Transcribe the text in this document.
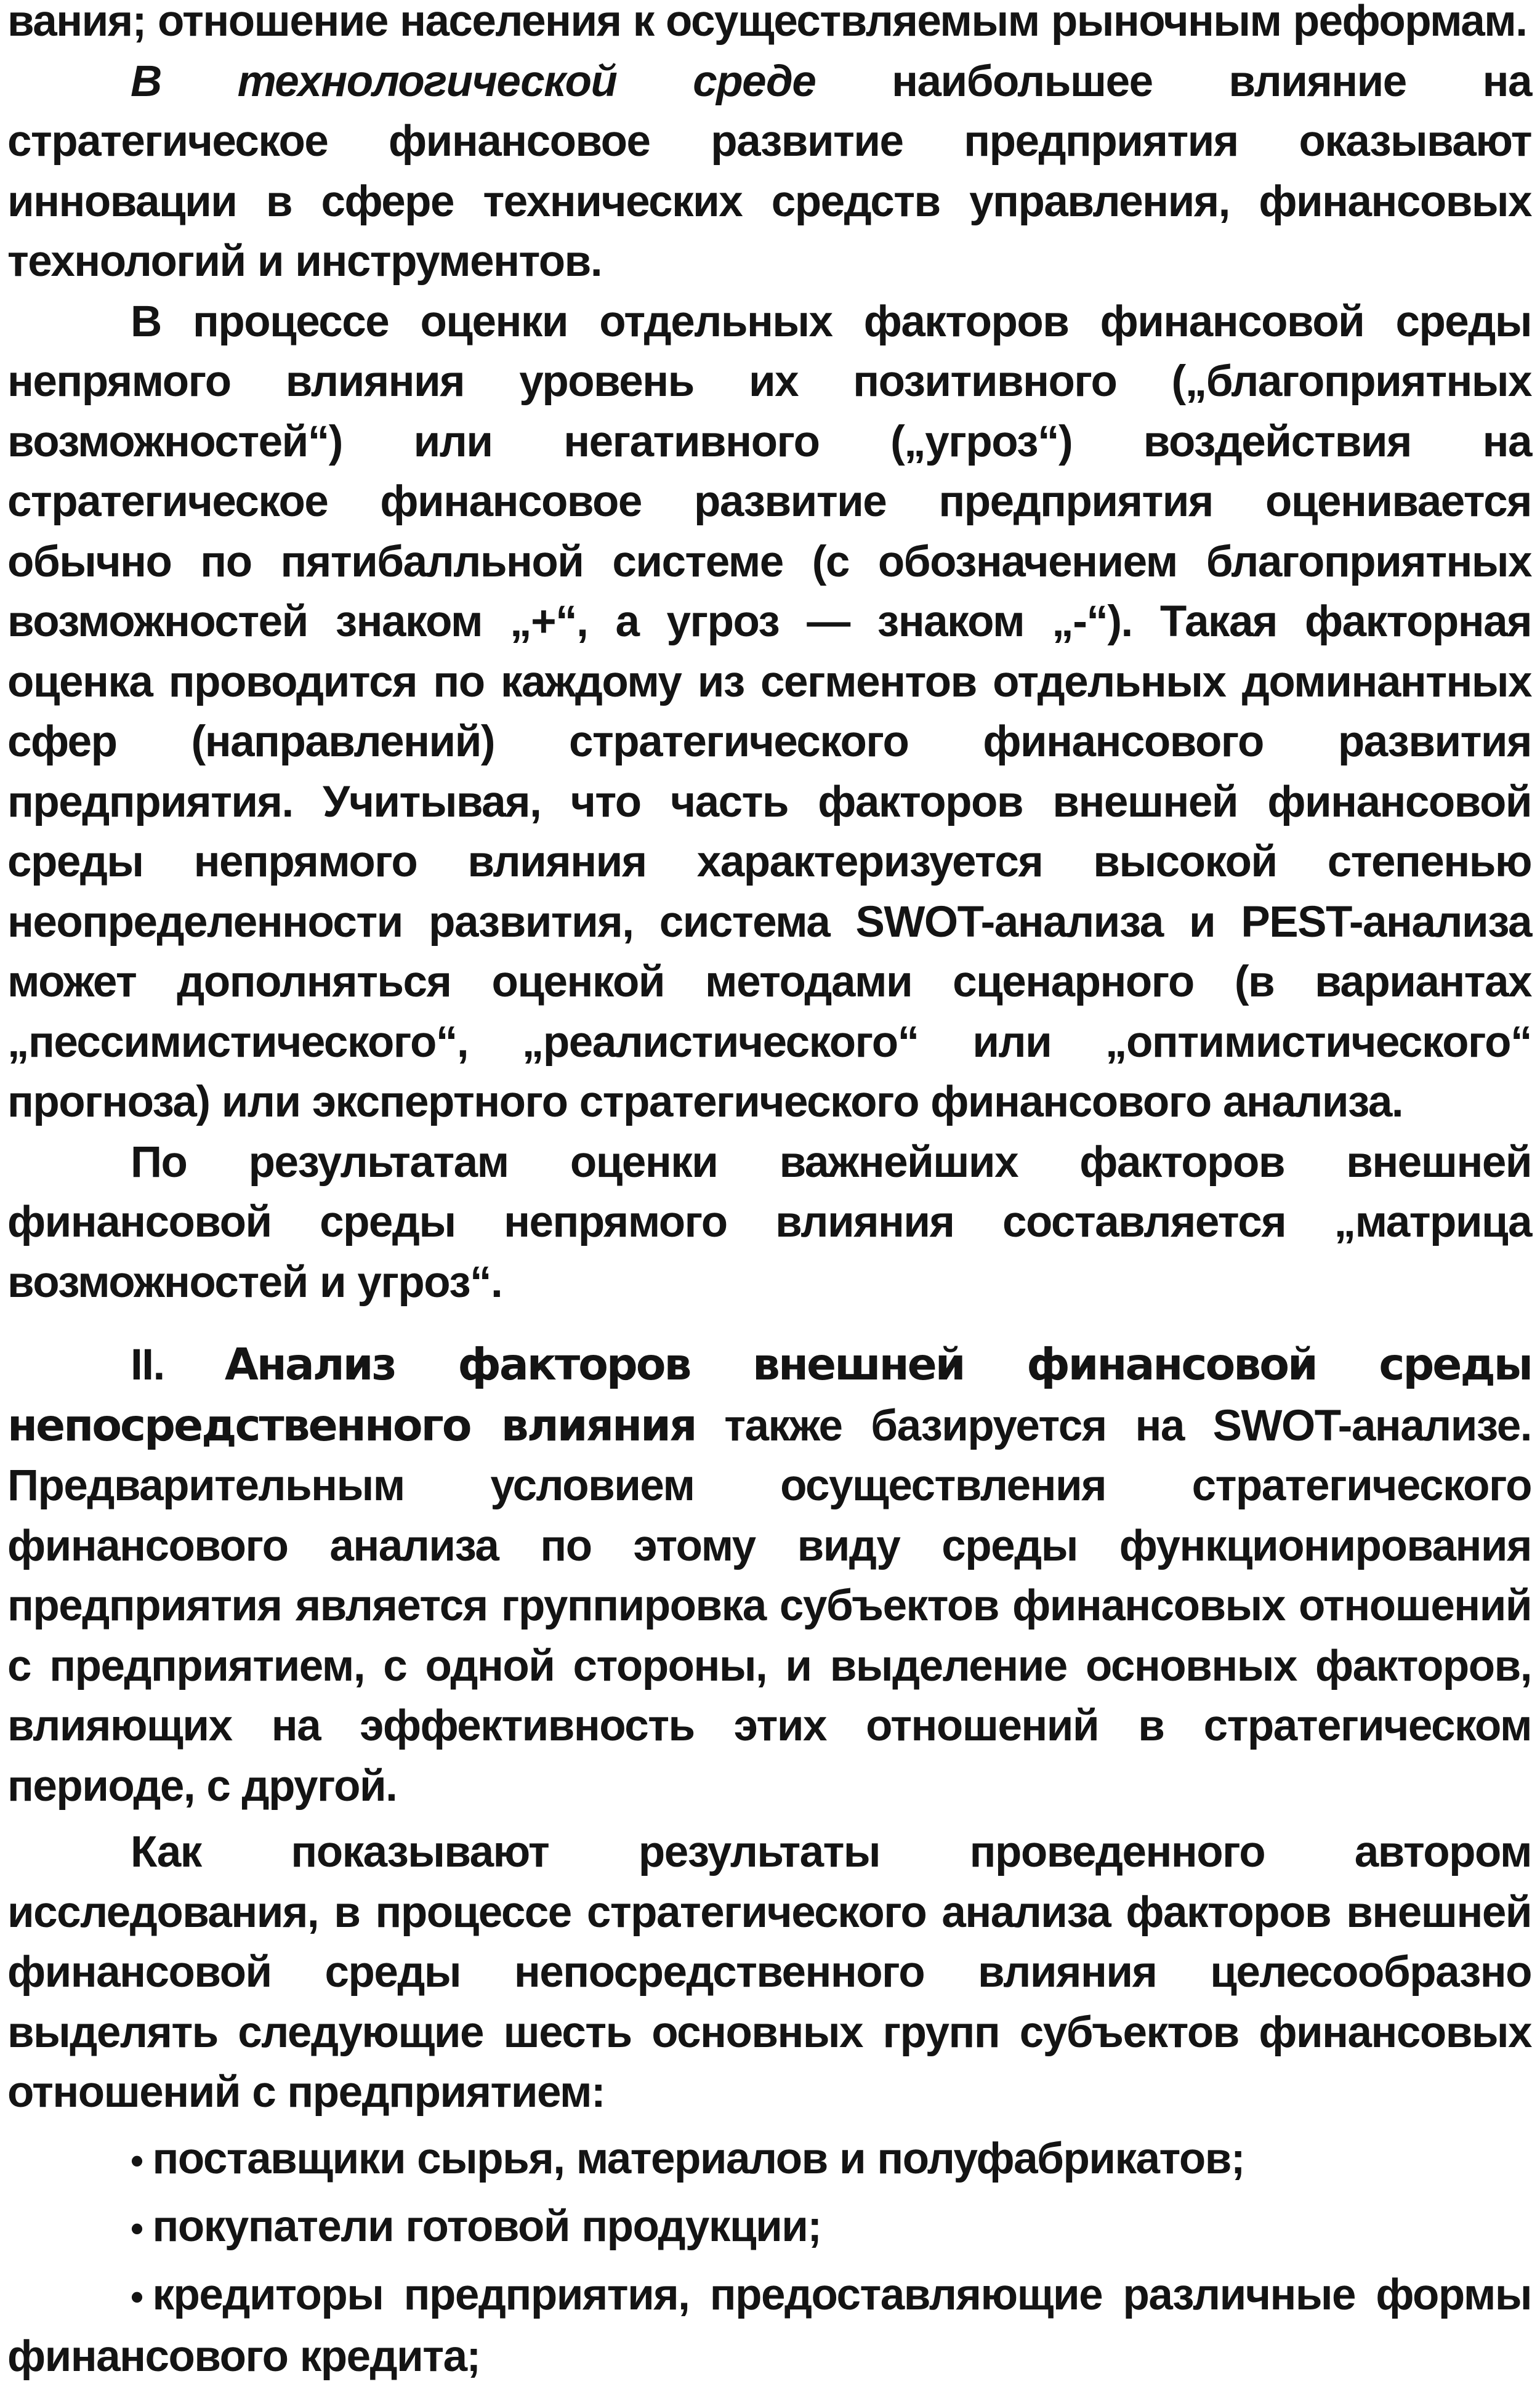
вания; отношение населения к осуществляемым рыночным реформам.

В технологической среде наибольшее влияние на стратегическое финансовое развитие предприятия оказывают инновации в сфере технических средств управления, финансовых технологий и инструментов.

В процессе оценки отдельных факторов финансовой среды непрямого влияния уровень их позитивного („благоприятных возможностей“) или негативного („угроз“) воздействия на стратегическое финансовое развитие предприятия оценивается обычно по пятибалльной системе (с обозначением благоприятных возможностей знаком „+“, а угроз — знаком „-“). Такая факторная оценка проводится по каждому из сегментов отдельных доминантных сфер (направлений) стратегического финансового развития предприятия. Учитывая, что часть факторов внешней финансовой среды непрямого влияния характеризуется высокой степенью неопределенности развития, система SWOT-анализа и PEST-анализа может дополняться оценкой методами сценарного (в вариантах „пессимистического“, „реалистического“ или „оптимистического“ прогноза) или экспертного стратегического финансового анализа.

По результатам оценки важнейших факторов внешней финансовой среды непрямого влияния составляется „матрица возможностей и угроз“.

II. Анализ факторов внешней финансовой среды непосредственного влияния также базируется на SWOT-анализе. Предварительным условием осуществления стратегического финансового анализа по этому виду среды функционирования предприятия является группировка субъектов финансовых отношений с предприятием, с одной стороны, и выделение основных факторов, влияющих на эффективность этих отношений в стратегическом периоде, с другой.

Как показывают результаты проведенного автором исследования, в процессе стратегического анализа факторов внешней финансовой среды непосредственного влияния целесообразно выделять следующие шесть основных групп субъектов финансовых отношений с предприятием:

• поставщики сырья, материалов и полуфабрикатов;

• покупатели готовой продукции;

• кредиторы предприятия, предоставляющие различные формы финансового кредита;
